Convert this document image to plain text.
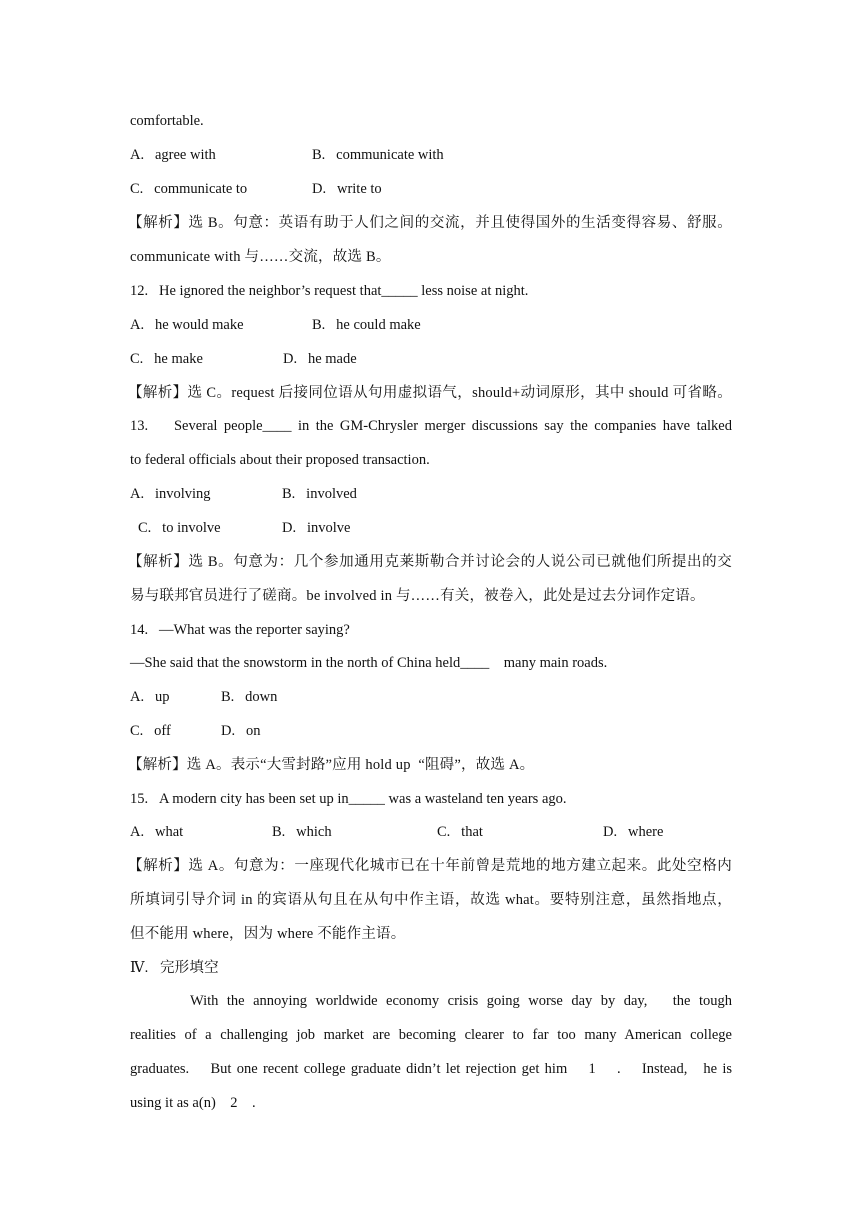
comfortable.
A.   agree with	B.   communicate with
C.   communicate to	D.   write to
【解析】选 B。句意：英语有助于人们之间的交流，并且使得国外的生活变得容易、舒服。
communicate with 与……交流，故选 B。
12.   He ignored the neighbor’s request that_____ less noise at night.
A.   he would make	B.   he could make
C.   he make	D.   he made
【解析】选 C。request 后接同位语从句用虚拟语气，should+动词原形，其中 should 可省略。
13.    Several people____ in the GM-Chrysler merger discussions say the companies have talked
to federal officials about their proposed transaction.
A.   involving	B.   involved
C.   to involve	D.   involve
【解析】选 B。句意为：几个参加通用克莱斯勒合并讨论会的人说公司已就他们所提出的交
易与联邦官员进行了磋商。be involved in 与……有关，被卷入，此处是过去分词作定语。
14.   —What was the reporter saying?
—She said that the snowstorm in the north of China held____    many main roads.
A.   up	B.   down
C.   off	D.   on
【解析】选 A。表示“大雪封路”应用 hold up  “阻碍”，故选 A。
15.   A modern city has been set up in_____ was a wasteland ten years ago.
A.   what	B.   which	C.   that	D.   where
【解析】选 A。句意为：一座现代化城市已在十年前曾是荒地的地方建立起来。此处空格内
所填词引导介词 in 的宾语从句且在从句中作主语，故选 what。要特别注意，虽然指地点，
但不能用 where，因为 where 不能作主语。
Ⅳ.   完形填空
With the annoying worldwide economy crisis going worse day by day,   the tough
realities of a challenging job market are becoming clearer to far too many American college
graduates.    But one recent college graduate didn’t let rejection get him    1    .    Instead,   he is
using it as a(n)    2    .
